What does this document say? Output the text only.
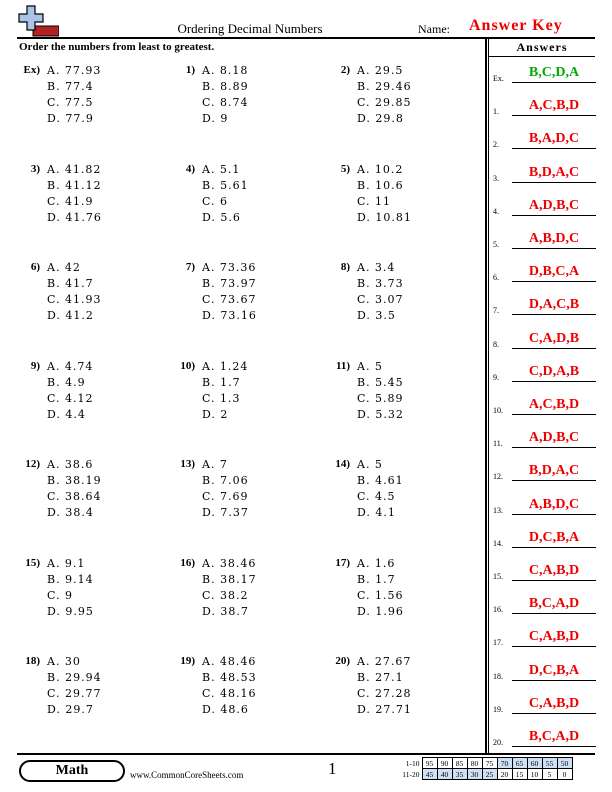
Ordering Decimal Numbers	Name: Answer Key
Order the numbers from least to greatest.	Answers
Ex.	B,C,D,A
1.	A,C,B,D
2.	B,A,D,C
3.	B,D,A,C
4.	A,D,B,C
5.	A,B,D,C
6.	D,B,C,A
7.	D,A,C,B
8.	C,A,D,B
9.	C,D,A,B
10.	A,C,B,D
11.	A,D,B,C
12.	B,D,A,C
13.	A,B,D,C
14.	D,C,B,A
15.	C,A,B,D
16.	B,C,A,D
17.	C,A,B,D
18.	D,C,B,A
19.	C,A,B,D
20.	B,C,A,D
Ex) A. 77.93
B. 77.4
C. 77.5
D. 77.9
1) A. 8.18
B. 8.89
C. 8.74
D. 9
2) A. 29.5
B. 29.46
C. 29.85
D. 29.8
3) A. 41.82
B. 41.12
C. 41.9
D. 41.76
4) A. 5.1
B. 5.61
C. 6
D. 5.6
5) A. 10.2
B. 10.6
C. 11
D. 10.81
6) A. 42
B. 41.7
C. 41.93
D. 41.2
7) A. 73.36
B. 73.97
C. 73.67
D. 73.16
8) A. 3.4
B. 3.73
C. 3.07
D. 3.5
9) A. 4.74
B. 4.9
C. 4.12
D. 4.4
10) A. 1.24
B. 1.7
C. 1.3
D. 2
11) A. 5
B. 5.45
C. 5.89
D. 5.32
12) A. 38.6
B. 38.19
C. 38.64
D. 38.4
13) A. 7
B. 7.06
C. 7.69
D. 7.37
14) A. 5
B. 4.61
C. 4.5
D. 4.1
15) A. 9.1
B. 9.14
C. 9
D. 9.95
16) A. 38.46
B. 38.17
C. 38.2
D. 38.7
17) A. 1.6
B. 1.7
C. 1.56
D. 1.96
18) A. 30
B. 29.94
C. 29.77
D. 29.7
19) A. 48.46
B. 48.53
C. 48.16
D. 48.6
20) A. 27.67
B. 27.1
C. 27.28
D. 27.71
Math	www.CommonCoreSheets.com	1	1-10	95	90	85	80	75	70	65	60	55	50
11-20	45	40	35	30	25	20	15	10	5	0
